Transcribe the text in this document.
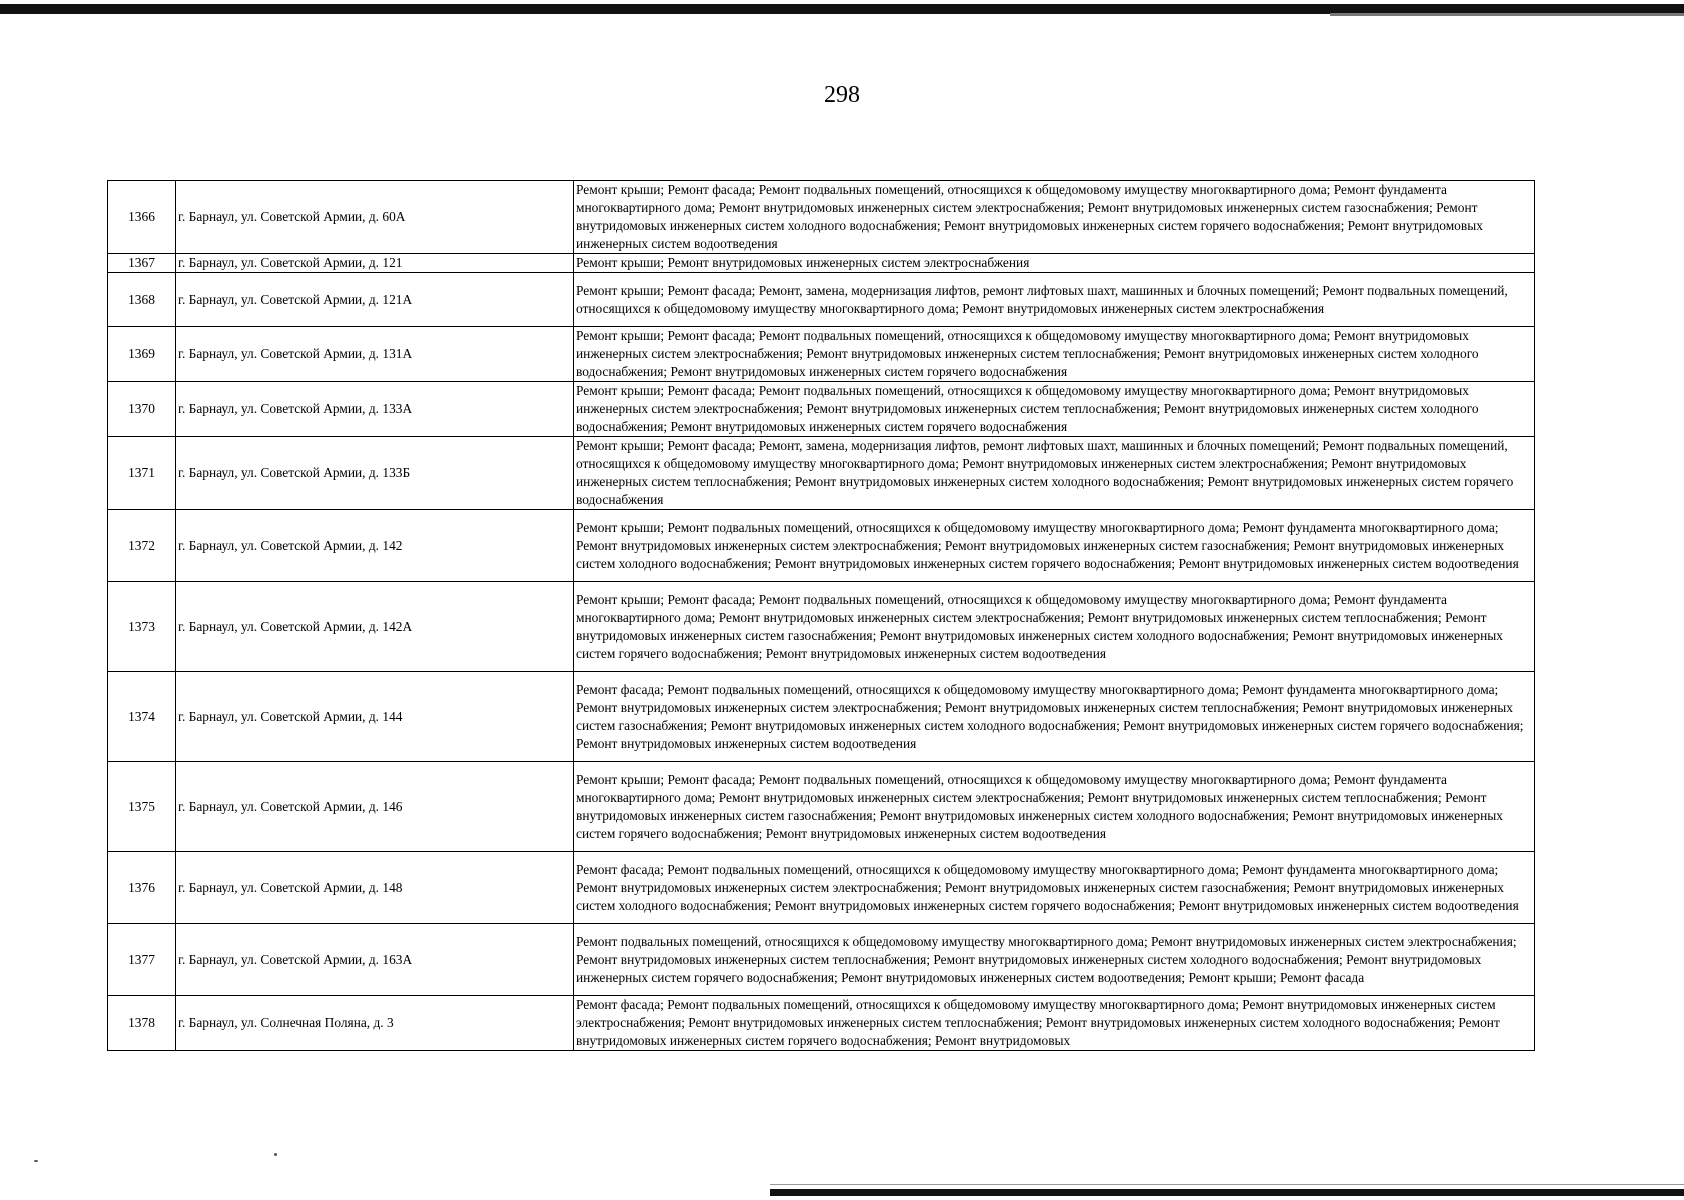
298
1366	г. Барнаул, ул. Советской Армии, д. 60А	Ремонт крыши; Ремонт фасада; Ремонт подвальных помещений, относящихся к общедомовому имуществу многоквартирного дома; Ремонт фундамента многоквартирного дома; Ремонт внутридомовых инженерных систем электроснабжения; Ремонт внутридомовых инженерных систем газоснабжения; Ремонт внутридомовых инженерных систем холодного водоснабжения; Ремонт внутридомовых инженерных систем горячего водоснабжения; Ремонт внутридомовых инженерных систем водоотведения
1367	г. Барнаул, ул. Советской Армии, д. 121	Ремонт крыши; Ремонт внутридомовых инженерных систем электроснабжения
1368	г. Барнаул, ул. Советской Армии, д. 121А	Ремонт крыши; Ремонт фасада; Ремонт, замена, модернизация лифтов, ремонт лифтовых шахт, машинных и блочных помещений; Ремонт подвальных помещений, относящихся к общедомовому имуществу многоквартирного дома; Ремонт внутридомовых инженерных систем электроснабжения
1369	г. Барнаул, ул. Советской Армии, д. 131А	Ремонт крыши; Ремонт фасада; Ремонт подвальных помещений, относящихся к общедомовому имуществу многоквартирного дома; Ремонт внутридомовых инженерных систем электроснабжения; Ремонт внутридомовых инженерных систем теплоснабжения; Ремонт внутридомовых инженерных систем холодного водоснабжения; Ремонт внутридомовых инженерных систем горячего водоснабжения
1370	г. Барнаул, ул. Советской Армии, д. 133А	Ремонт крыши; Ремонт фасада; Ремонт подвальных помещений, относящихся к общедомовому имуществу многоквартирного дома; Ремонт внутридомовых инженерных систем электроснабжения; Ремонт внутридомовых инженерных систем теплоснабжения; Ремонт внутридомовых инженерных систем холодного водоснабжения; Ремонт внутридомовых инженерных систем горячего водоснабжения
1371	г. Барнаул, ул. Советской Армии, д. 133Б	Ремонт крыши; Ремонт фасада; Ремонт, замена, модернизация лифтов, ремонт лифтовых шахт, машинных и блочных помещений; Ремонт подвальных помещений, относящихся к общедомовому имуществу многоквартирного дома; Ремонт внутридомовых инженерных систем электроснабжения; Ремонт внутридомовых инженерных систем теплоснабжения; Ремонт внутридомовых инженерных систем холодного водоснабжения; Ремонт внутридомовых инженерных систем горячего водоснабжения
1372	г. Барнаул, ул. Советской Армии, д. 142	Ремонт крыши; Ремонт подвальных помещений, относящихся к общедомовому имуществу многоквартирного дома; Ремонт фундамента многоквартирного дома; Ремонт внутридомовых инженерных систем электроснабжения; Ремонт внутридомовых инженерных систем газоснабжения; Ремонт внутридомовых инженерных систем холодного водоснабжения; Ремонт внутридомовых инженерных систем горячего водоснабжения; Ремонт внутридомовых инженерных систем водоотведения
1373	г. Барнаул, ул. Советской Армии, д. 142А	Ремонт крыши; Ремонт фасада; Ремонт подвальных помещений, относящихся к общедомовому имуществу многоквартирного дома; Ремонт фундамента многоквартирного дома; Ремонт внутридомовых инженерных систем электроснабжения; Ремонт внутридомовых инженерных систем теплоснабжения; Ремонт внутридомовых инженерных систем газоснабжения; Ремонт внутридомовых инженерных систем холодного водоснабжения; Ремонт внутридомовых инженерных систем горячего водоснабжения; Ремонт внутридомовых инженерных систем водоотведения
1374	г. Барнаул, ул. Советской Армии, д. 144	Ремонт фасада; Ремонт подвальных помещений, относящихся к общедомовому имуществу многоквартирного дома; Ремонт фундамента многоквартирного дома; Ремонт внутридомовых инженерных систем электроснабжения; Ремонт внутридомовых инженерных систем теплоснабжения; Ремонт внутридомовых инженерных систем газоснабжения; Ремонт внутридомовых инженерных систем холодного водоснабжения; Ремонт внутридомовых инженерных систем горячего водоснабжения; Ремонт внутридомовых инженерных систем водоотведения
1375	г. Барнаул, ул. Советской Армии, д. 146	Ремонт крыши; Ремонт фасада; Ремонт подвальных помещений, относящихся к общедомовому имуществу многоквартирного дома; Ремонт фундамента многоквартирного дома; Ремонт внутридомовых инженерных систем электроснабжения; Ремонт внутридомовых инженерных систем теплоснабжения; Ремонт внутридомовых инженерных систем газоснабжения; Ремонт внутридомовых инженерных систем холодного водоснабжения; Ремонт внутридомовых инженерных систем горячего водоснабжения; Ремонт внутридомовых инженерных систем водоотведения
1376	г. Барнаул, ул. Советской Армии, д. 148	Ремонт фасада; Ремонт подвальных помещений, относящихся к общедомовому имуществу многоквартирного дома; Ремонт фундамента многоквартирного дома; Ремонт внутридомовых инженерных систем электроснабжения; Ремонт внутридомовых инженерных систем газоснабжения; Ремонт внутридомовых инженерных систем холодного водоснабжения; Ремонт внутридомовых инженерных систем горячего водоснабжения; Ремонт внутридомовых инженерных систем водоотведения
1377	г. Барнаул, ул. Советской Армии, д. 163А	Ремонт подвальных помещений, относящихся к общедомовому имуществу многоквартирного дома; Ремонт внутридомовых инженерных систем электроснабжения; Ремонт внутридомовых инженерных систем теплоснабжения; Ремонт внутридомовых инженерных систем холодного водоснабжения; Ремонт внутридомовых инженерных систем горячего водоснабжения; Ремонт внутридомовых инженерных систем водоотведения; Ремонт крыши; Ремонт фасада
1378	г. Барнаул, ул. Солнечная Поляна, д. 3	Ремонт фасада; Ремонт подвальных помещений, относящихся к общедомовому имуществу многоквартирного дома; Ремонт внутридомовых инженерных систем электроснабжения; Ремонт внутридомовых инженерных систем теплоснабжения; Ремонт внутридомовых инженерных систем холодного водоснабжения; Ремонт внутридомовых инженерных систем горячего водоснабжения; Ремонт внутридомовых
